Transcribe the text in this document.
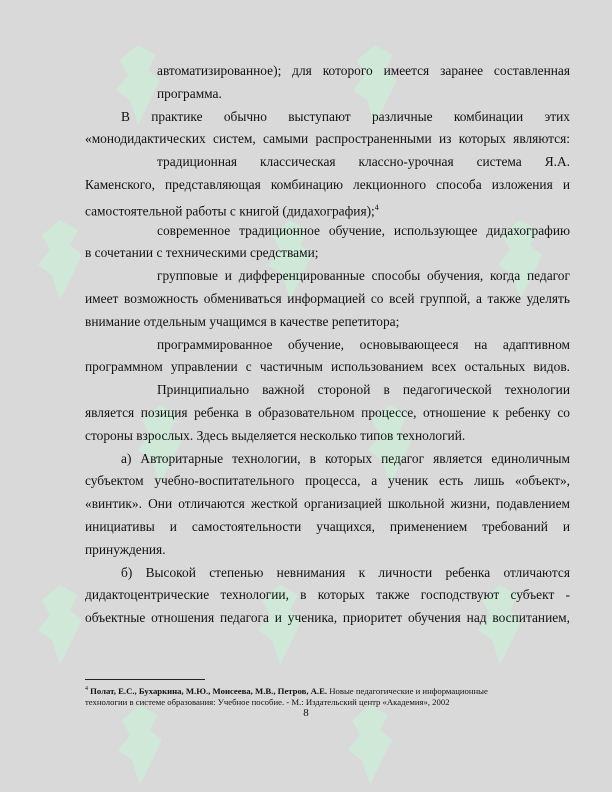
автоматизированное); для которого имеется заранее составленная
программа.
В практике обычно выступают различные комбинации этих
«монодидактических систем, самыми распространенными из которых являются:
традиционная классическая классно-урочная система Я.А.
Каменского, представляющая комбинацию лекционного способа изложения и
самостоятельной работы с книгой (дидахография);$^4$
современное традиционное обучение, использующее дидахографию
в сочетании с техническими средствами;
групповые и дифференцированные способы обучения, когда педагог
имеет возможность обмениваться информацией со всей группой, а также уделять
внимание отдельным учащимся в качестве репетитора;
программированное обучение, основывающееся на адаптивном
программном управлении с частичным использованием всех остальных видов.
Принципиально важной стороной в педагогической технологии
является позиция ребенка в образовательном процессе, отношение к ребенку со
стороны взрослых. Здесь выделяется несколько типов технологий.
а) Авторитарные технологии, в которых педагог является единоличным
субъектом учебно-воспитательного процесса, а ученик есть лишь «объект»,
«винтик». Они отличаются жесткой организацией школьной жизни, подавлением
инициативы и самостоятельности учащихся, применением требований и
принуждения.
б) Высокой степенью невнимания к личности ребенка отличаются
дидактоцентрические технологии, в которых также господствуют субъект -
объектные отношения педагога и ученика, приоритет обучения над воспитанием,
$^4$ Полат, Е.С., Бухаркина, М.Ю., Моисеева, М.В., Петров, А.Е. Новые педагогические и информационные
технологии в системе образования: Учебное пособие. - М.: Издательский центр «Академия», 2002
8
